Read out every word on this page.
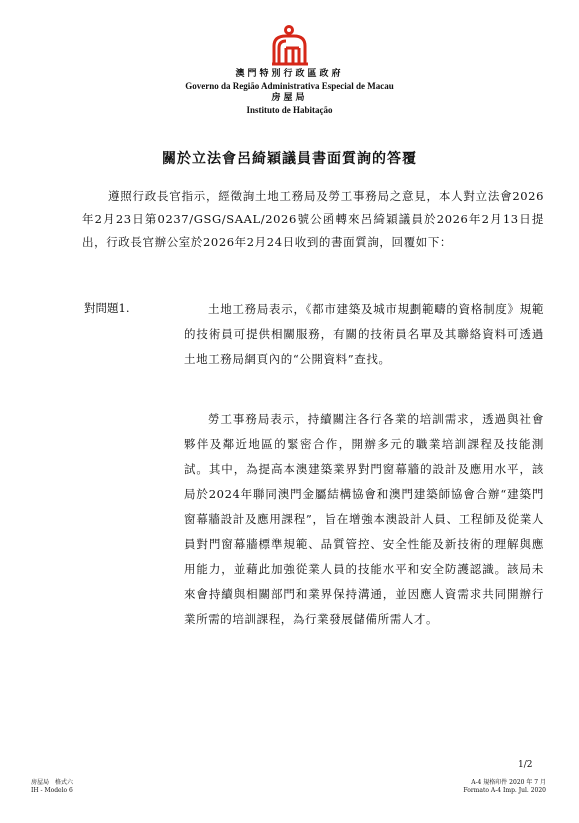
澳門特別行政區政府

Governo da Região Administrativa Especial de Macau

房屋局

Instituto de Habitação

關於立法會呂綺穎議員書面質詢的答覆

遵照行政長官指示，經徵詢土地工務局及勞工事務局之意見，本人對立法會2026年2月23日第0237/GSG/SAAL/2026號公函轉來呂綺穎議員於2026年2月13日提出，行政長官辦公室於2026年2月24日收到的書面質詢，回覆如下：

對問題1.	土地工務局表示，《都市建築及城市規劃範疇的資格制度》規範的技術員可提供相關服務，有關的技術員名單及其聯絡資料可透過土地工務局網頁內的“公開資料”查找。

勞工事務局表示，持續關注各行各業的培訓需求，透過與社會夥伴及鄰近地區的緊密合作，開辦多元的職業培訓課程及技能測試。其中，為提高本澳建築業界對門窗幕牆的設計及應用水平，該局於2024年聯同澳門金屬結構協會和澳門建築師協會合辦“建築門窗幕牆設計及應用課程”，旨在增強本澳設計人員、工程師及從業人員對門窗幕牆標準規範、品質管控、安全性能及新技術的理解與應用能力，並藉此加強從業人員的技能水平和安全防護認識。該局未來會持續與相關部門和業界保持溝通，並因應人資需求共同開辦行業所需的培訓課程，為行業發展儲備所需人才。

1/2
房屋局　格式六
IH - Modelo 6
A-4 規格印件 2020 年 7 月
Formato A-4 Imp. Jul. 2020
